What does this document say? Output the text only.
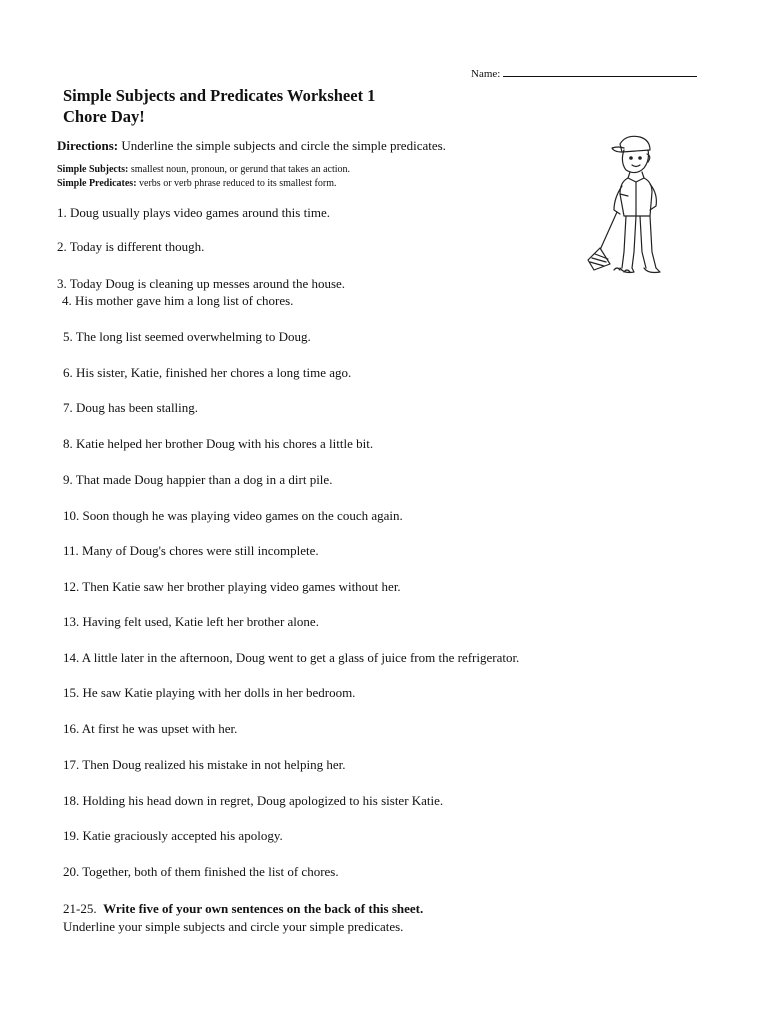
Name:
Simple Subjects and Predicates Worksheet 1
Chore Day!
Directions: Underline the simple subjects and circle the simple predicates.
Simple Subjects: smallest noun, pronoun, or gerund that takes an action.
Simple Predicates: verbs or verb phrase reduced to its smallest form.
1. Doug usually plays video games around this time.
2. Today is different though.
3. Today Doug is cleaning up messes around the house.
4. His mother gave him a long list of chores.
5. The long list seemed overwhelming to Doug.
6. His sister, Katie, finished her chores a long time ago.
7. Doug has been stalling.
8. Katie helped her brother Doug with his chores a little bit.
9. That made Doug happier than a dog in a dirt pile.
10. Soon though he was playing video games on the couch again.
11. Many of Doug's chores were still incomplete.
12. Then Katie saw her brother playing video games without her.
13. Having felt used, Katie left her brother alone.
14. A little later in the afternoon, Doug went to get a glass of juice from the refrigerator.
15. He saw Katie playing with her dolls in her bedroom.
16. At first he was upset with her.
17. Then Doug realized his mistake in not helping her.
18. Holding his head down in regret, Doug apologized to his sister Katie.
19. Katie graciously accepted his apology.
20. Together, both of them finished the list of chores.
21-25. Write five of your own sentences on the back of this sheet.
Underline your simple subjects and circle your simple predicates.
